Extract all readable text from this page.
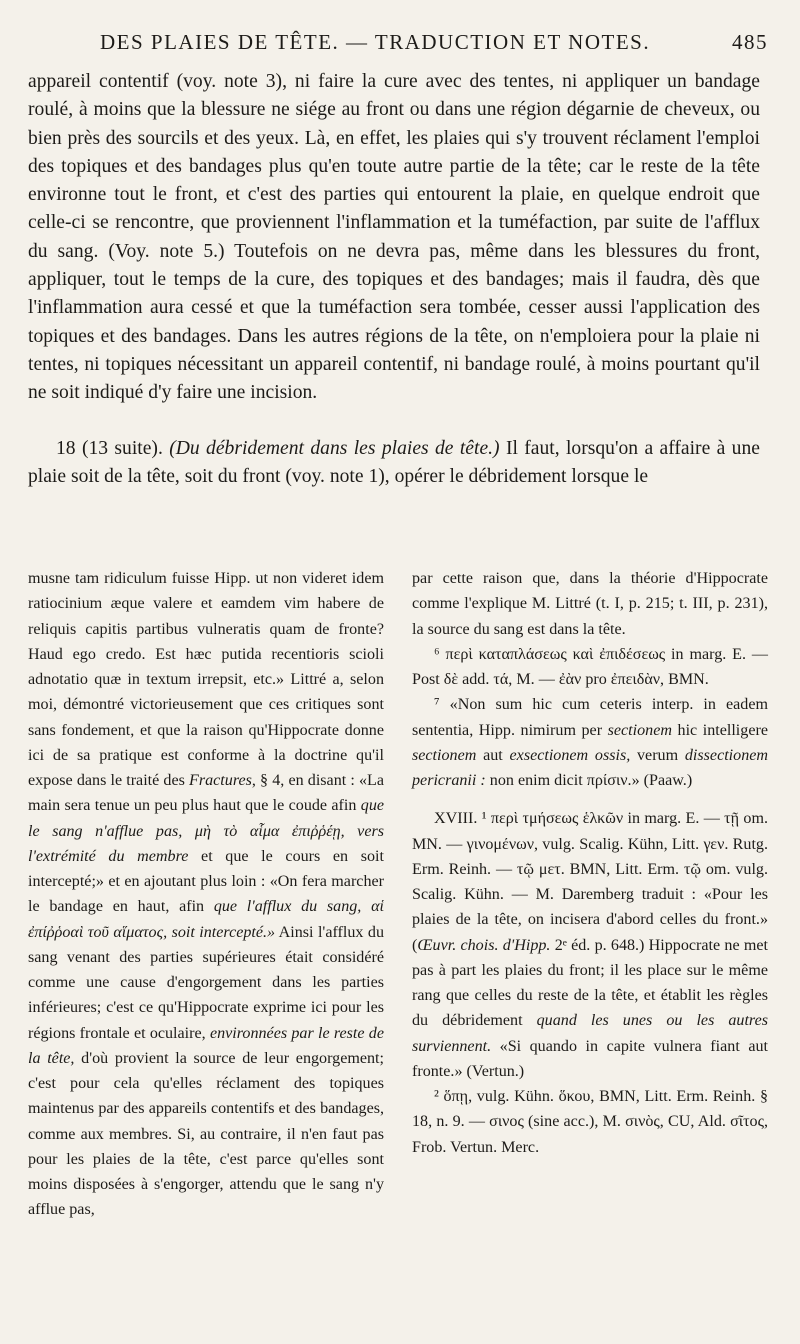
DES PLAIES DE TÊTE. — TRADUCTION ET NOTES.	485

appareil contentif (voy. note 3), ni faire la cure avec des tentes, ni appliquer un bandage roulé, à moins que la blessure ne siége au front ou dans une région dégarnie de cheveux, ou bien près des sourcils et des yeux. Là, en effet, les plaies qui s'y trouvent réclament l'emploi des topiques et des bandages plus qu'en toute autre partie de la tête; car le reste de la tête environne tout le front, et c'est des parties qui entourent la plaie, en quelque endroit que celle-ci se rencontre, que proviennent l'inflammation et la tuméfaction, par suite de l'afflux du sang. (Voy. note 5.) Toutefois on ne devra pas, même dans les blessures du front, appliquer, tout le temps de la cure, des topiques et des bandages; mais il faudra, dès que l'inflammation aura cessé et que la tuméfaction sera tombée, cesser aussi l'application des topiques et des bandages. Dans les autres régions de la tête, on n'emploiera pour la plaie ni tentes, ni topiques nécessitant un appareil contentif, ni bandage roulé, à moins pourtant qu'il ne soit indiqué d'y faire une incision.

18 (13 suite). (Du débridement dans les plaies de tête.) Il faut, lorsqu'on a affaire à une plaie soit de la tête, soit du front (voy. note 1), opérer le débridement lorsque le

musne tam ridiculum fuisse Hipp. ut non videret idem ratiocinium æque valere et eamdem vim habere de reliquis capitis partibus vulneratis quam de fronte? Haud ego credo. Est hæc putida recentioris scioli adnotatio quæ in textum irrepsit, etc.» Littré a, selon moi, démontré victorieusement que ces critiques sont sans fondement, et que la raison qu'Hippocrate donne ici de sa pratique est conforme à la doctrine qu'il expose dans le traité des Fractures, § 4, en disant : «La main sera tenue un peu plus haut que le coude afin que le sang n'afflue pas, μὴ τὸ αἷμα ἐπιῤῥέῃ, vers l'extrémité du membre et que le cours en soit intercepté;» et en ajoutant plus loin : «On fera marcher le bandage en haut, afin que l'afflux du sang, αἱ ἐπίῤῥοαὶ τοῦ αἵματος, soit intercepté.» Ainsi l'afflux du sang venant des parties supérieures était considéré comme une cause d'engorgement dans les parties inférieures; c'est ce qu'Hippocrate exprime ici pour les régions frontale et oculaire, environnées par le reste de la tête, d'où provient la source de leur engorgement; c'est pour cela qu'elles réclament des topiques maintenus par des appareils contentifs et des bandages, comme aux membres. Si, au contraire, il n'en faut pas pour les plaies de la tête, c'est parce qu'elles sont moins disposées à s'engorger, attendu que le sang n'y afflue pas,

par cette raison que, dans la théorie d'Hippocrate comme l'explique M. Littré (t. I, p. 215; t. III, p. 231), la source du sang est dans la tête.

⁶ περὶ καταπλάσεως καὶ ἐπιδέσεως in marg. E. — Post δὲ add. τά, M. — ἐὰν pro ἐπειδὰν, BMN.

⁷ «Non sum hic cum ceteris interp. in eadem sententia, Hipp. nimirum per sectionem hic intelligere sectionem aut exsectionem ossis, verum dissectionem pericranii : non enim dicit πρίσιν.» (Paaw.)

XVIII. ¹ περὶ τμήσεως ἑλκῶν in marg. E. — τῇ om. MN. — γινομένων, vulg. Scalig. Kühn, Litt. γεν. Rutg. Erm. Reinh. — τῷ μετ. BMN, Litt. Erm. τῷ om. vulg. Scalig. Kühn. — M. Daremberg traduit : «Pour les plaies de la tête, on incisera d'abord celles du front.» (Œuvr. chois. d'Hipp. 2ᵉ éd. p. 648.) Hippocrate ne met pas à part les plaies du front; il les place sur le même rang que celles du reste de la tête, et établit les règles du débridement quand les unes ou les autres surviennent. «Si quando in capite vulnera fiant aut fronte.» (Vertun.)

² ὅπῃ, vulg. Kühn. ὅκου, BMN, Litt. Erm. Reinh. § 18, n. 9. — σινος (sine acc.), M. σινὸς, CU, Ald. σῖτος, Frob. Vertun. Merc.
